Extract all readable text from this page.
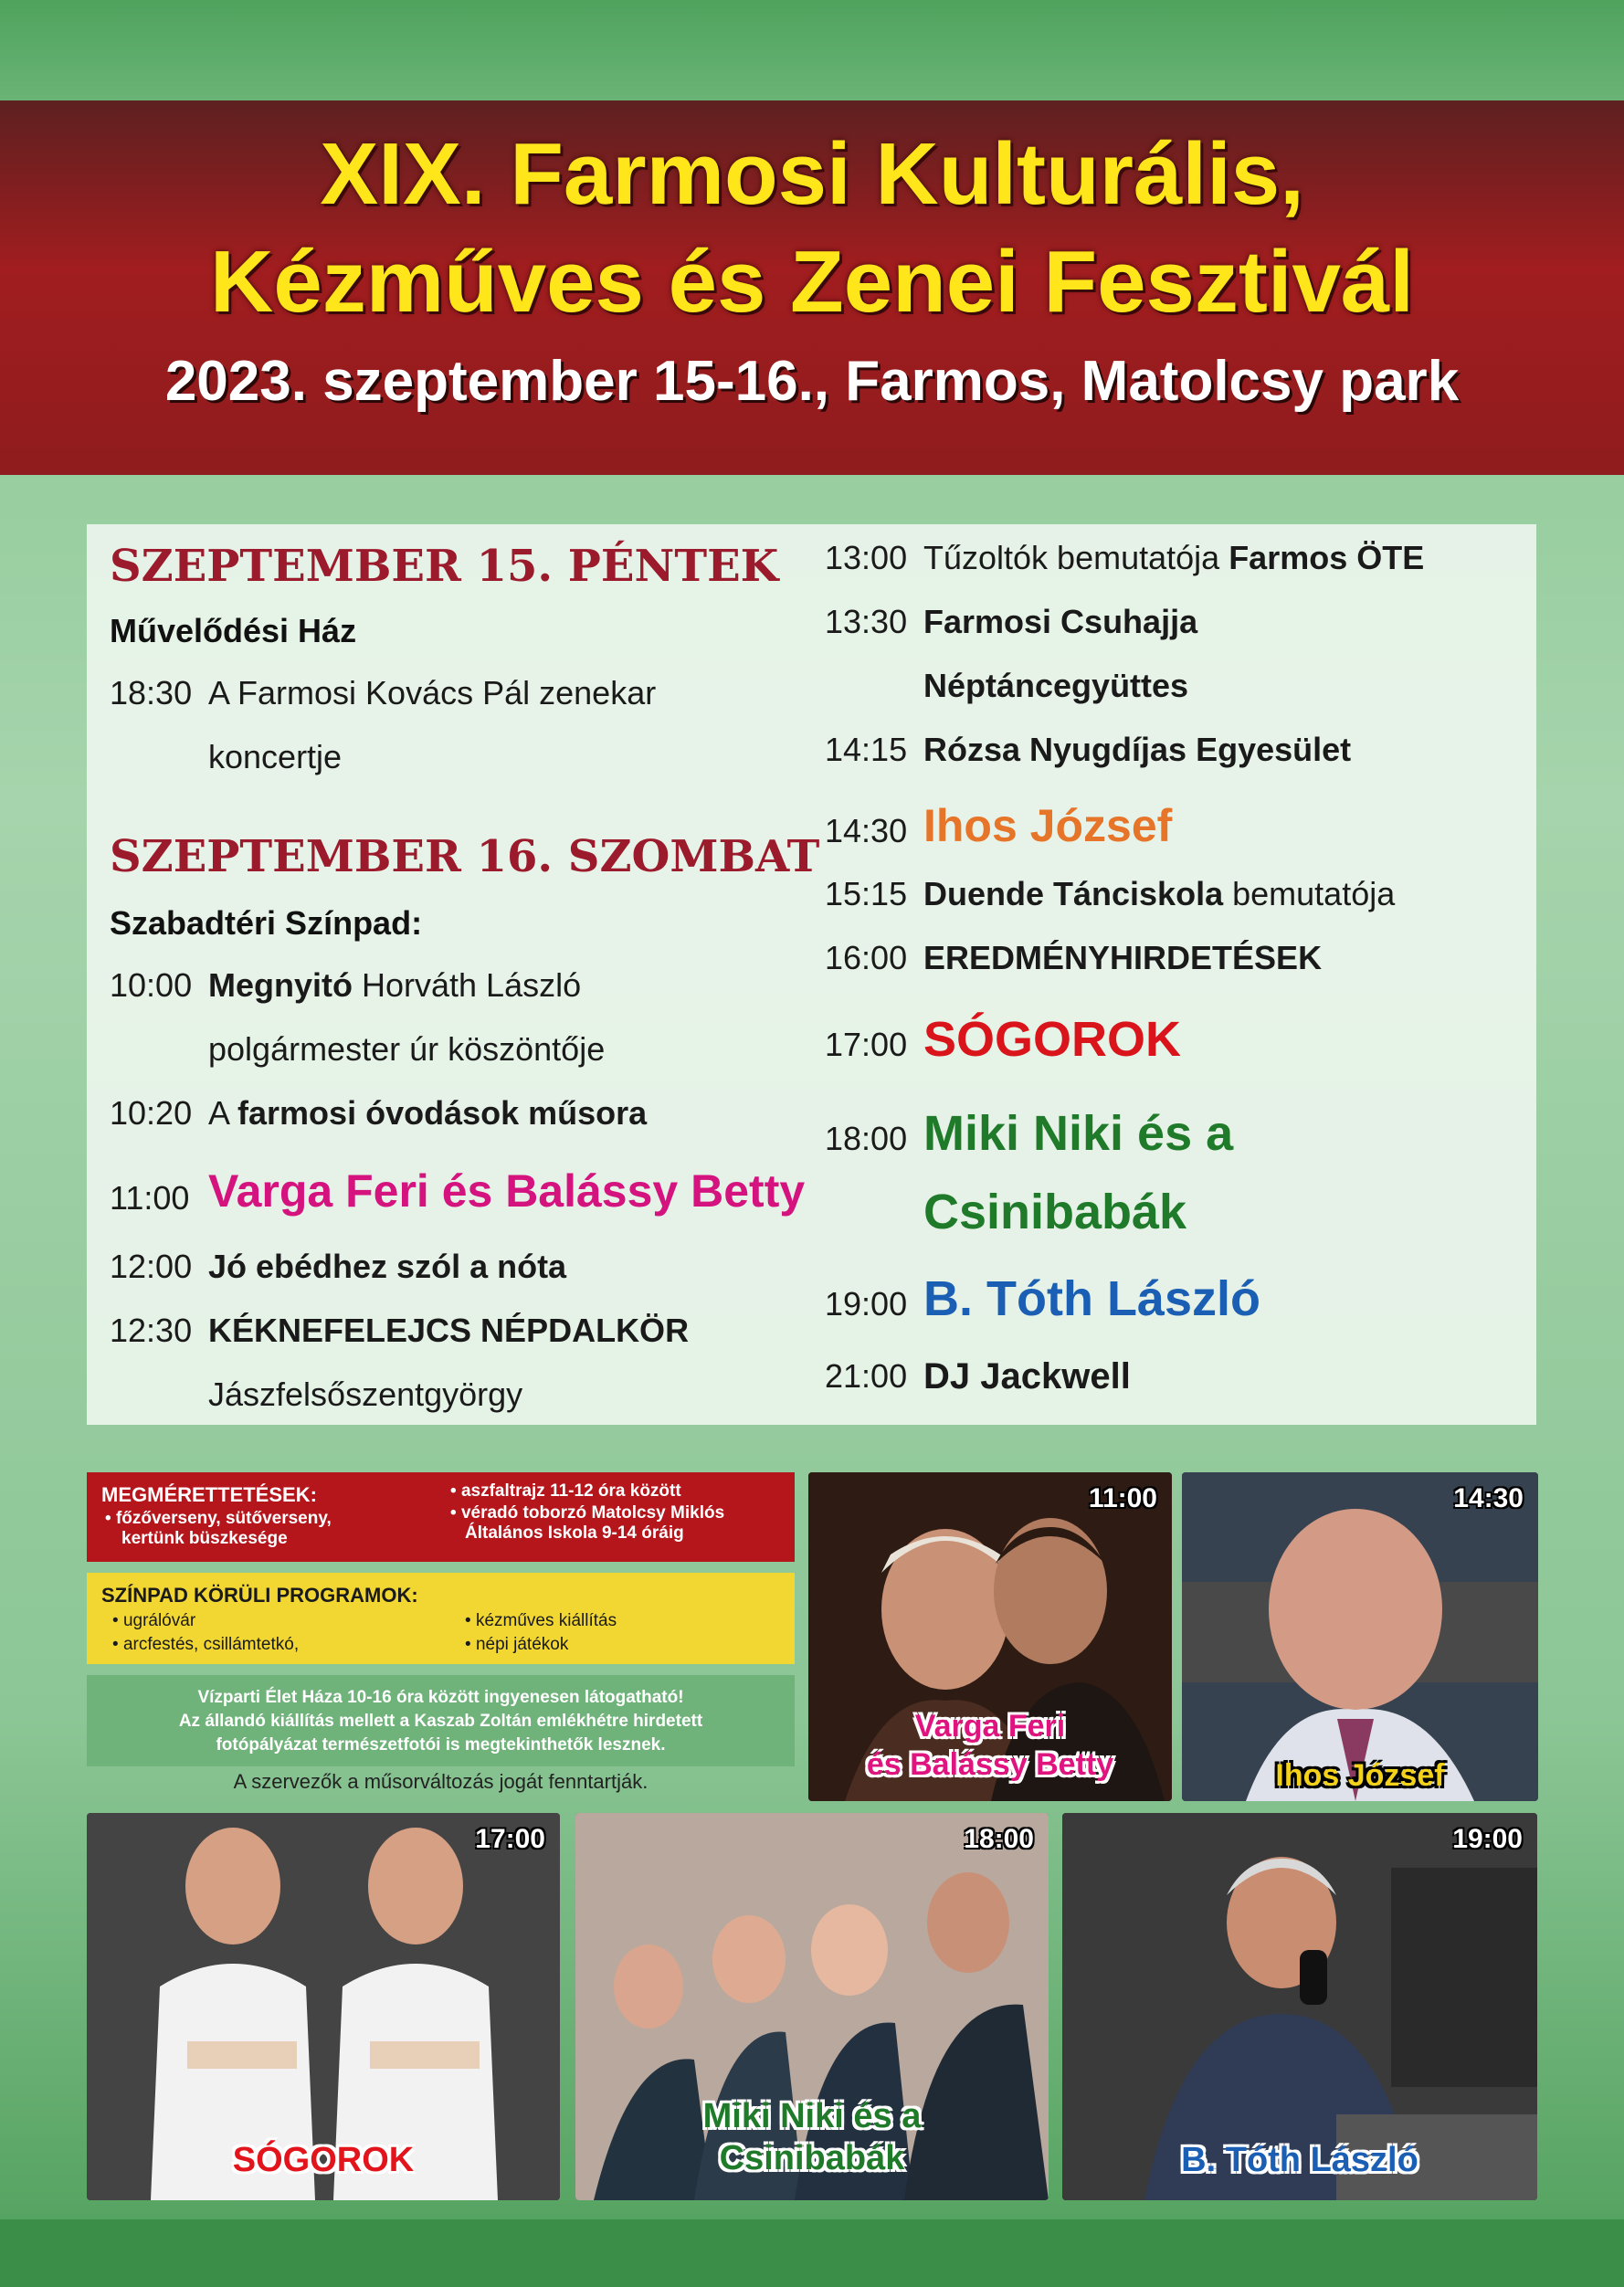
XIX. Farmosi Kulturális,
Kézműves és Zenei Fesztivál
2023. szeptember 15-16., Farmos, Matolcsy park
SZEPTEMBER 15. PÉNTEK
Művelődési Ház
18:30 A Farmosi Kovács Pál zenekar
koncertje
SZEPTEMBER 16. SZOMBAT
Szabadtéri Színpad:
10:00 Megnyitó Horváth László
polgármester úr köszöntője
10:20 A farmosi óvodások műsora
11:00 Varga Feri és Balássy Betty
12:00 Jó ebédhez szól a nóta
12:30 KÉKNEFELEJCS NÉPDALKÖR
Jászfelsőszentgyörgy
13:00 Tűzoltók bemutatója Farmos ÖTE
13:30 Farmosi Csuhajja
Néptáncegyüttes
14:15 Rózsa Nyugdíjas Egyesület
14:30 Ihos József
15:15 Duende Tánciskola bemutatója
16:00 EREDMÉNYHIRDETÉSEK
17:00 SÓGOROK
18:00 Miki Niki és a
Csinibabák
19:00 B. Tóth László
21:00 DJ Jackwell
MEGMÉRETTETÉSEK:
• főzőverseny, sütőverseny,
kertünk büszkesége
• aszfaltrajz 11-12 óra között
• véradó toborzó Matolcsy Miklós
Általános Iskola 9-14 óráig
SZÍNPAD KÖRÜLI PROGRAMOK:
• ugrálóvár
• arcfestés, csillámtetkó,
• kézműves kiállítás
• népi játékok
Vízparti Élet Háza 10-16 óra között ingyenesen látogatható!
Az állandó kiállítás mellett a Kaszab Zoltán emlékhétre hirdetett
fotópályázat természetfotói is megtekinthetők lesznek.
A szervezők a műsorváltozás jogát fenntartják.
11:00
Varga Feri
és Balássy Betty
14:30
Ihos József
17:00
SÓGOROK
18:00
Miki Niki és a
Csinibabák
19:00
B. Tóth László
